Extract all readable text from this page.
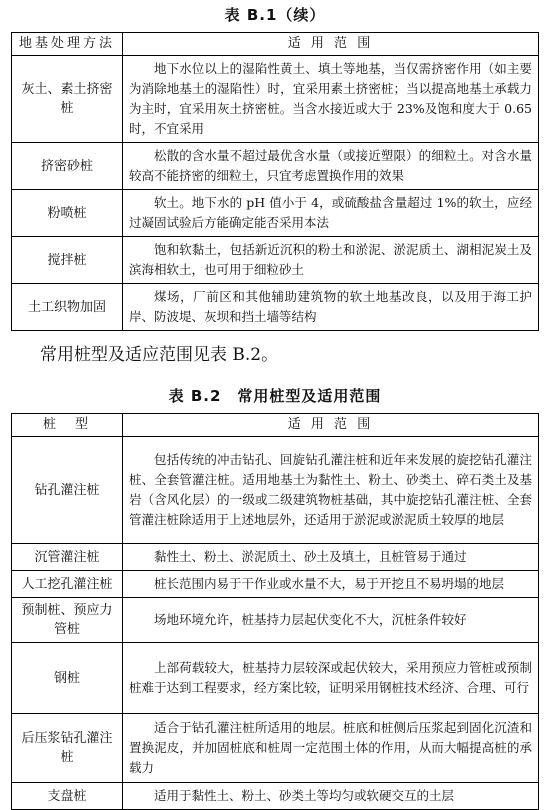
表 B.1（续）
地基处理方法	适 用 范 围
灰土、素土挤密桩	地下水位以上的湿陷性黄土、填土等地基，当仅需挤密作用（如主要为消除地基土的湿陷性）时，宜采用素土挤密桩；当以提高地基土承载力为主时，宜采用灰土挤密桩。当含水接近或大于 23%及饱和度大于 0.65 时，不宜采用
挤密砂桩	松散的含水量不超过最优含水量（或接近塑限）的细粒土。对含水量较高不能挤密的细粒土，只宜考虑置换作用的效果
粉喷桩	软土。地下水的 pH 值小于 4，或硫酸盐含量超过 1%的软土，应经过凝固试验后方能确定能否采用本法
搅拌桩	饱和软黏土，包括新近沉积的粉土和淤泥、淤泥质土、湖相泥炭土及滨海相软土，也可用于细粒砂土
土工织物加固	煤场，厂前区和其他辅助建筑物的软土地基改良，以及用于海工护岸、防波堤、灰坝和挡土墙等结构
常用桩型及适应范围见表 B.2。
表 B.2　常用桩型及适用范围
桩　型	适 用 范 围
钻孔灌注桩	包括传统的冲击钻孔、回旋钻孔灌注桩和近年来发展的旋挖钻孔灌注桩、全套管灌注桩。适用地基土为黏性土、粉土、砂类土、碎石类土及基岩（含风化层）的一级或二级建筑物桩基础，其中旋挖钻孔灌注桩、全套管灌注桩除适用于上述地层外，还适用于淤泥或淤泥质土较厚的地层
沉管灌注桩	黏性土、粉土、淤泥质土、砂土及填土，且桩管易于通过
人工挖孔灌注桩	桩长范围内易于干作业或水量不大，易于开挖且不易坍塌的地层
预制桩、预应力管桩	场地环境允许，桩基持力层起伏变化不大，沉桩条件较好
钢桩	上部荷载较大，桩基持力层较深或起伏较大，采用预应力管桩或预制桩难于达到工程要求，经方案比较，证明采用钢桩技术经济、合理、可行
后压浆钻孔灌注桩	适合于钻孔灌注桩所适用的地层。桩底和桩侧后压浆起到固化沉渣和置换泥皮，并加固桩底和桩周一定范围土体的作用，从而大幅提高桩的承载力
支盘桩	适用于黏性土、粉土、砂类土等均匀或软硬交互的土层
